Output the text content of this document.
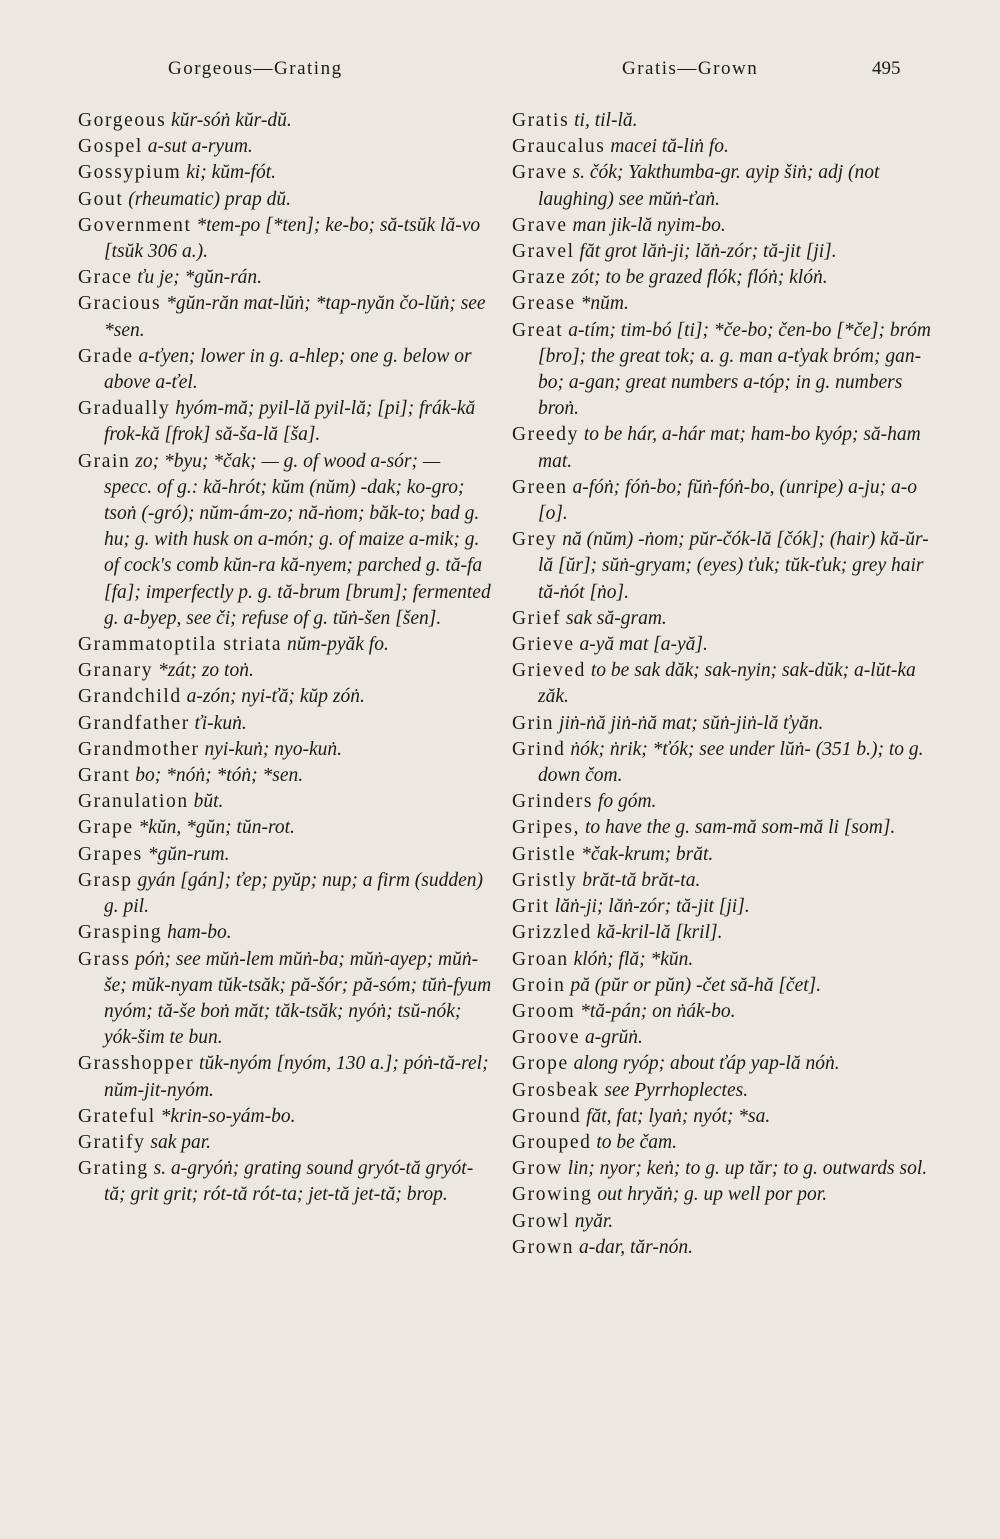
Gorgeous—Grating	Gratis—Grown	495

Gorgeous kŭr-sóṅ kŭr-dŭ.

Gospel a-sut a-ryum.

Gossypium ki; kŭm-fót.

Gout (rheumatic) prap dŭ.

Government *tem-po [*ten]; ke-bo; să-tsŭk lă-vo [tsŭk 306 a.).

Grace ťu je; *gŭn-rán.

Gracious *gŭn-răn mat-lŭṅ; *tap-nyăn čo-lŭṅ; see *sen.

Grade a-ťyen; lower in g. a-hlep; one g. below or above a-ťel.

Gradually hyóm-mă; pyil-lă pyil-lă; [pi]; frák-kă frok-kă [frok] să-ša-lă [ša].

Grain zo; *byu; *čak; — g. of wood a-sór; — specc. of g.: kă-hrót; kŭm (nŭm) -dak; ko-gro; tsoṅ (-gró); nŭm-ám-zo; nă-ṅom; băk-to; bad g. hu; g. with husk on a-món; g. of maize a-mik; g. of cock's comb kŭn-ra kă-nyem; parched g. tă-fa [fa]; imperfectly p. g. tă-brum [brum]; fermented g. a-byep, see či; refuse of g. tŭṅ-šen [šen].

Grammatoptila striata nŭm-pyăk fo.

Granary *zát; zo toṅ.

Grandchild a-zón; nyi-ťă; kŭp zóṅ.

Grandfather ťi-kuṅ.

Grandmother nyi-kuṅ; nyo-kuṅ.

Grant bo; *nóṅ; *tóṅ; *sen.

Granulation bŭt.

Grape *kŭn, *gŭn; tŭn-rot.

Grapes *gŭn-rum.

Grasp gyán [gán]; ťep; pyŭp; nup; a firm (sudden) g. pil.

Grasping ham-bo.

Grass póṅ; see mŭṅ-lem mŭṅ-ba; mŭṅ-ayep; mŭṅ-še; mŭk-nyam tŭk-tsăk; pă-šór; pă-sóm; tŭṅ-fyum nyóm; tă-še boṅ măt; tăk-tsăk; nyóṅ; tsŭ-nók; yók-šim te bun.

Grasshopper tŭk-nyóm [nyóm, 130 a.]; póṅ-tă-rel; nŭm-jit-nyóm.

Grateful *krin-so-yám-bo.

Gratify sak par.

Grating s. a-gryóṅ; grating sound gryót-tă gryót-tă; grit grit; rót-tă rót-ta; jet-tă jet-tă; brop.

Gratis ti, til-lă.

Graucalus macei tă-liṅ fo.

Grave s. čók; Yakthumba-gr. ayip šiṅ; adj (not laughing) see mŭṅ-ťaṅ.

Grave man jik-lă nyim-bo.

Gravel făt grot lăṅ-ji; lăṅ-zór; tă-jit [ji].

Graze zót; to be grazed flók; flóṅ; klóṅ.

Grease *nŭm.

Great a-tím; tim-bó [ti]; *če-bo; čen-bo [*če]; bróm [bro]; the great tok; a. g. man a-ťyak bróm; gan-bo; a-gan; great numbers a-tóp; in g. numbers broṅ.

Greedy to be hár, a-hár mat; ham-bo kyóp; să-ham mat.

Green a-fóṅ; fóṅ-bo; fŭṅ-fóṅ-bo, (unripe) a-ju; a-o [o].

Grey nă (nŭm) -ṅom; pŭr-čók-lă [čók]; (hair) kă-ŭr-lă [ŭr]; sŭṅ-gryam; (eyes) ťuk; tŭk-ťuk; grey hair tă-ṅót [ṅo].

Grief sak să-gram.

Grieve a-yă mat [a-yă].

Grieved to be sak dăk; sak-nyin; sak-dŭk; a-lŭt-ka zăk.

Grin jiṅ-ṅă jiṅ-ṅă mat; sŭṅ-jiṅ-lă ťyăn.

Grind ṅók; ṅrik; *ťók; see under lŭṅ- (351 b.); to g. down čom.

Grinders fo góm.

Gripes, to have the g. sam-mă som-mă li [som].

Gristle *čak-krum; brăt.

Gristly brăt-tă brăt-ta.

Grit lăṅ-ji; lăṅ-zór; tă-jit [ji].

Grizzled kă-kril-lă [kril].

Groan klóṅ; flă; *kŭn.

Groin pă (pŭr or pŭn) -čet să-hă [čet].

Groom *tă-pán; on ṅák-bo.

Groove a-grŭṅ.

Grope along ryóp; about ťáp yap-lă nóṅ.

Grosbeak see Pyrrhoplectes.

Ground făt, fat; lyaṅ; nyót; *sa.

Grouped to be čam.

Grow lin; nyor; keṅ; to g. up tăr; to g. outwards sol.

Growing out hryăṅ; g. up well por por.

Growl nyăr.

Grown a-dar, tăr-nón.
